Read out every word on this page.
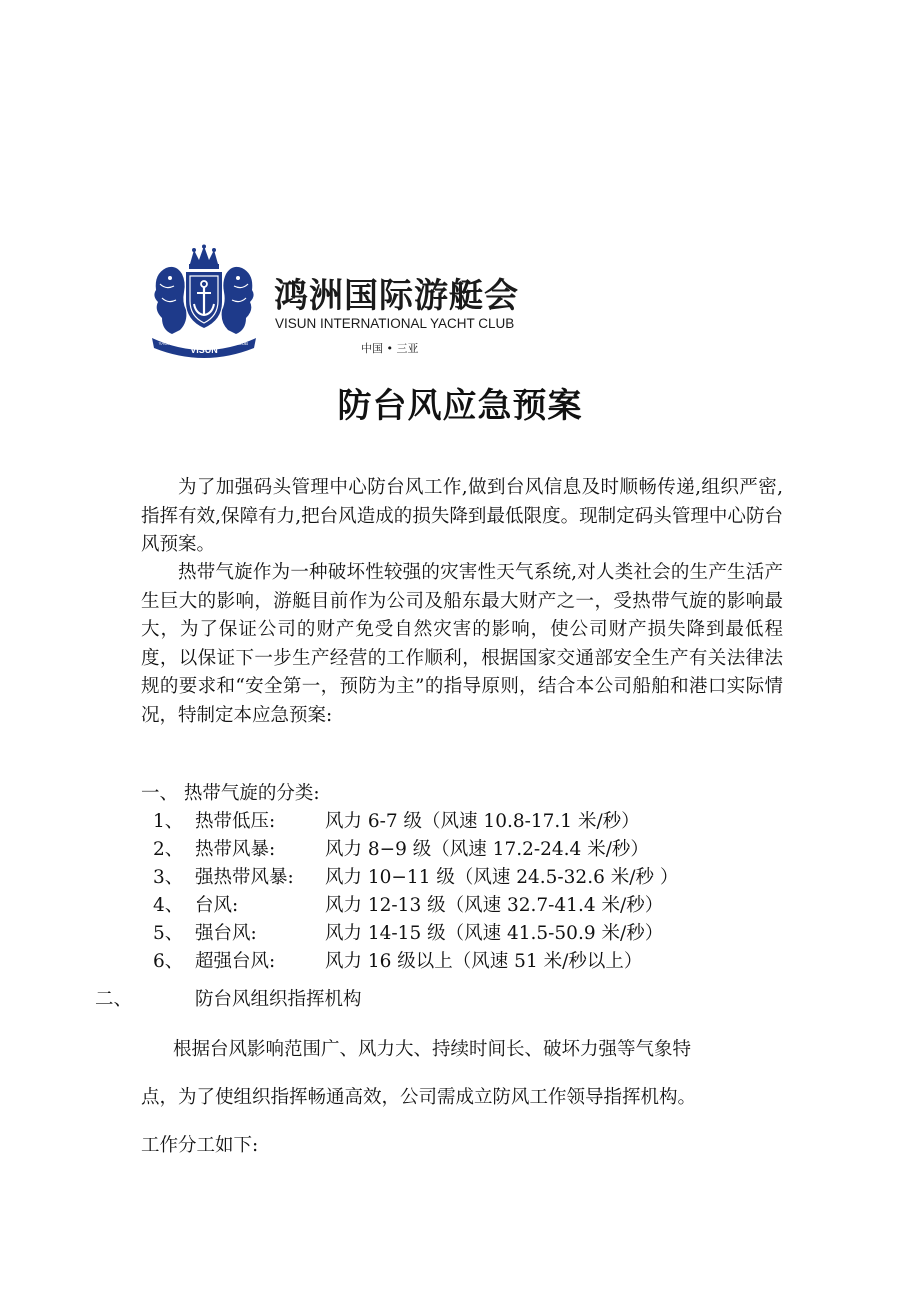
VISUN
YACHT	CLUB
鸿洲国际游艇会
VISUN INTERNATIONAL YACHT CLUB
中国 • 三亚
防台风应急预案

为了加强码头管理中心防台风工作,做到台风信息及时顺畅传递,组织严密,指挥有效,保障有力,把台风造成的损失降到最低限度。现制定码头管理中心防台风预案。

热带气旋作为一种破坏性较强的灾害性天气系统,对人类社会的生产生活产生巨大的影响，游艇目前作为公司及船东最大财产之一，受热带气旋的影响最大，为了保证公司的财产免受自然灾害的影响，使公司财产损失降到最低程度，以保证下一步生产经营的工作顺利，根据国家交通部安全生产有关法律法规的要求和“安全第一，预防为主”的指导原则，结合本公司船舶和港口实际情况，特制定本应急预案:

一、 热带气旋的分类:
1、 热带低压:	风力 6-7 级（风速 10.8-17.1 米/秒）
2、 热带风暴:	风力 8−9 级（风速 17.2-24.4 米/秒）
3、 强热带风暴: 风力 10−11 级（风速 24.5-32.6 米/秒 ）
4、 台风:	风力 12-13 级（风速 32.7-41.4 米/秒）
5、 强台风:	风力 14-15 级（风速 41.5-50.9 米/秒）
6、 超强台风:	风力 16 级以上（风速 51 米/秒以上）
二、	防台风组织指挥机构
根据台风影响范围广、风力大、持续时间长、破坏力强等气象特
点，为了使组织指挥畅通高效，公司需成立防风工作领导指挥机构。
工作分工如下:
